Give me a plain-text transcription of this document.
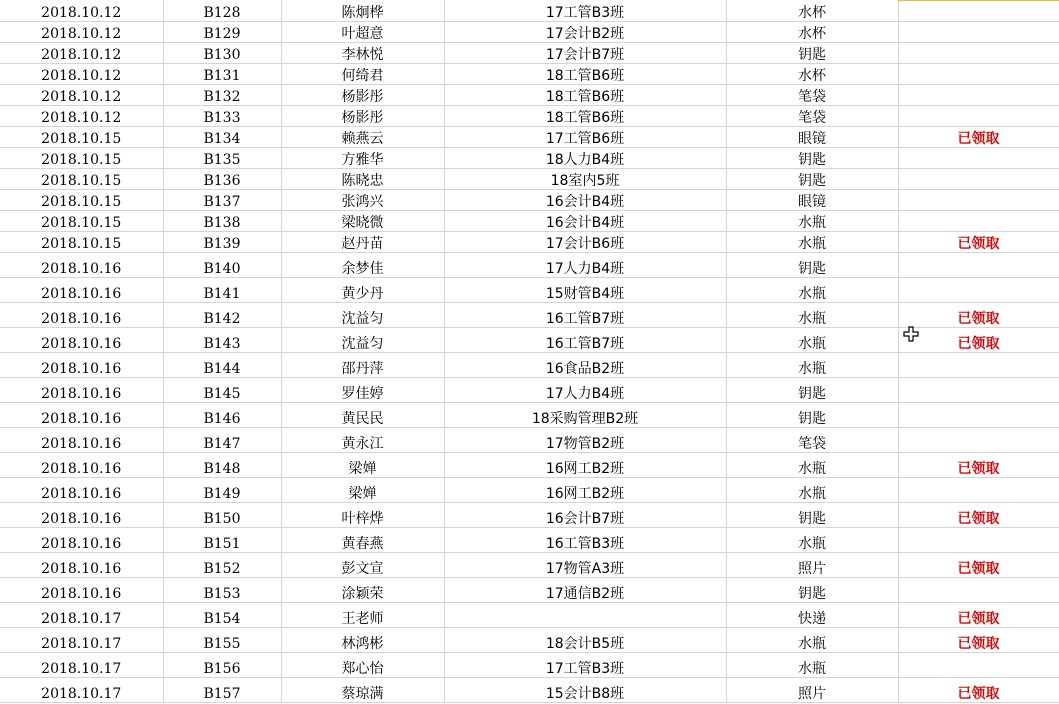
2018.10.12	B128	陈炯桦	17工管B3班	水杯	
2018.10.12	B129	叶超意	17会计B2班	水杯	
2018.10.12	B130	李林悦	17会计B7班	钥匙	
2018.10.12	B131	何绮君	18工管B6班	水杯	
2018.10.12	B132	杨影彤	18工管B6班	笔袋	
2018.10.12	B133	杨影彤	18工管B6班	笔袋	
2018.10.15	B134	赖燕云	17工管B6班	眼镜	已领取
2018.10.15	B135	方雅华	18人力B4班	钥匙	
2018.10.15	B136	陈晓忠	18室内5班	钥匙	
2018.10.15	B137	张鸿兴	16会计B4班	眼镜	
2018.10.15	B138	梁晓微	16会计B4班	水瓶	
2018.10.15	B139	赵丹苗	17会计B6班	水瓶	已领取
2018.10.16	B140	余梦佳	17人力B4班	钥匙	
2018.10.16	B141	黄少丹	15财管B4班	水瓶	
2018.10.16	B142	沈益匀	16工管B7班	水瓶	已领取
2018.10.16	B143	沈益匀	16工管B7班	水瓶	已领取
2018.10.16	B144	邵丹萍	16食品B2班	水瓶	
2018.10.16	B145	罗佳婷	17人力B4班	钥匙	
2018.10.16	B146	黄民民	18采购管理B2班	钥匙	
2018.10.16	B147	黄永江	17物管B2班	笔袋	
2018.10.16	B148	梁婵	16网工B2班	水瓶	已领取
2018.10.16	B149	梁婵	16网工B2班	水瓶	
2018.10.16	B150	叶梓烨	16会计B7班	钥匙	已领取
2018.10.16	B151	黄春燕	16工管B3班	水瓶	
2018.10.16	B152	彭文宣	17物管A3班	照片	已领取
2018.10.16	B153	涂颖荣	17通信B2班	钥匙	
2018.10.17	B154	王老师		快递	已领取
2018.10.17	B155	林鸿彬	18会计B5班	水瓶	已领取
2018.10.17	B156	郑心怡	17工管B3班	水瓶	
2018.10.17	B157	蔡琼满	15会计B8班	照片	已领取
